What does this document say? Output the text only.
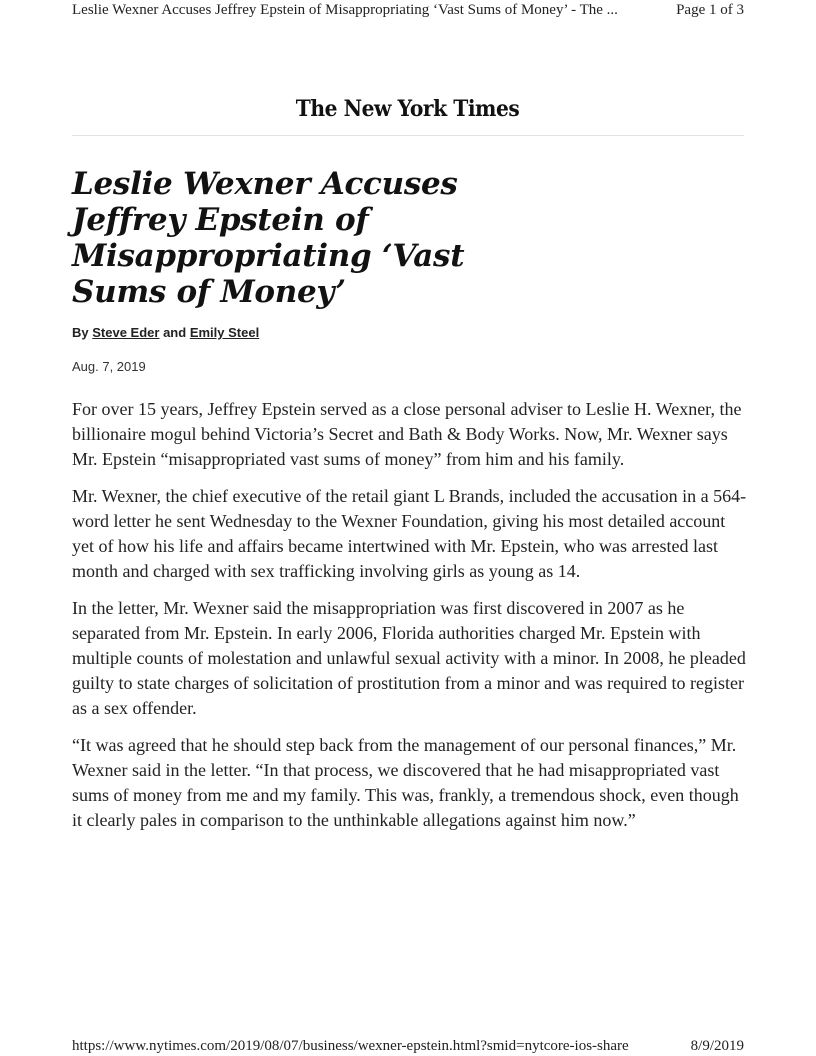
Leslie Wexner Accuses Jeffrey Epstein of Misappropriating ‘Vast Sums of Money’ - The ...	Page 1 of 3
The New York Times
Leslie Wexner Accuses Jeffrey Epstein of Misappropriating ‘Vast Sums of Money’
By Steve Eder and Emily Steel
Aug. 7, 2019

For over 15 years, Jeffrey Epstein served as a close personal adviser to Leslie H. Wexner, the billionaire mogul behind Victoria’s Secret and Bath & Body Works. Now, Mr. Wexner says Mr. Epstein “misappropriated vast sums of money” from him and his family.

Mr. Wexner, the chief executive of the retail giant L Brands, included the accusation in a 564-word letter he sent Wednesday to the Wexner Foundation, giving his most detailed account yet of how his life and affairs became intertwined with Mr. Epstein, who was arrested last month and charged with sex trafficking involving girls as young as 14.

In the letter, Mr. Wexner said the misappropriation was first discovered in 2007 as he separated from Mr. Epstein. In early 2006, Florida authorities charged Mr. Epstein with multiple counts of molestation and unlawful sexual activity with a minor. In 2008, he pleaded guilty to state charges of solicitation of prostitution from a minor and was required to register as a sex offender.

“It was agreed that he should step back from the management of our personal finances,” Mr. Wexner said in the letter. “In that process, we discovered that he had misappropriated vast sums of money from me and my family. This was, frankly, a tremendous shock, even though it clearly pales in comparison to the unthinkable allegations against him now.”

https://www.nytimes.com/2019/08/07/business/wexner-epstein.html?smid=nytcore-ios-share	8/9/2019
